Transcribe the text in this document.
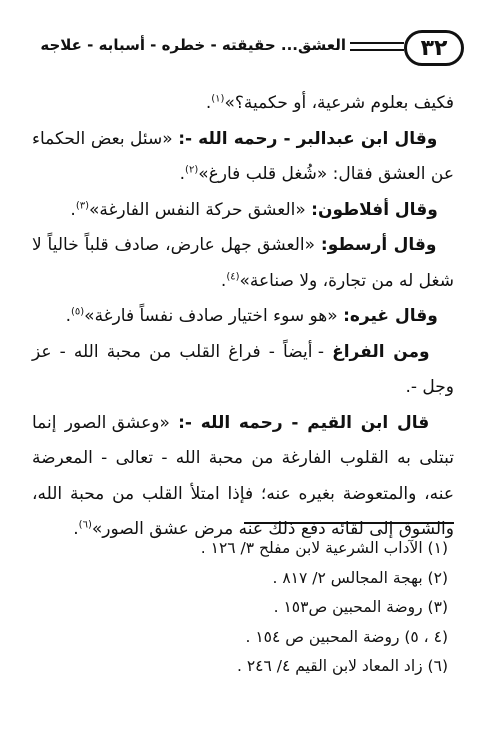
٣٢
العشق... حقيقته - خطره - أسبابه - علاجه

فكيف بعلوم شرعية، أو حكمية؟»$^{(١)}$.

وقال ابن عبدالبر - رحمه الله -: «سئل بعض الحكماء عن العشق فقال: «شُغل قلب فارغ»$^{(٢)}$.

وقال أفلاطون: «العشق حركة النفس الفارغة»$^{(٣)}$.

وقال أرسطو: «العشق جهل عارض، صادف قلباً خالياً لا شغل له من تجارة، ولا صناعة»$^{(٤)}$.

وقال غيره: «هو سوء اختيار صادف نفساً فارغة»$^{(٥)}$.

ومن الفراغ - أيضاً - فراغ القلب من محبة الله - عز وجل -.

قال ابن القيم - رحمه الله -: «وعشق الصور إنما تبتلى به القلوب الفارغة من محبة الله - تعالى - المعرضة عنه، والمتعوضة بغيره عنه؛ فإذا امتلأ القلب من محبة الله، والشوق إلى لقائه دفع ذلك عنه مرض عشق الصور»$^{(٦)}$.

(١) الآداب الشرعية لابن مفلح ٣/ ١٢٦ .
(٢) بهجة المجالس ٢/ ٨١٧ .
(٣) روضة المحبين ص١٥٣ .
(٤ ، ٥) روضة المحبين ص ١٥٤ .
(٦) زاد المعاد لابن القيم ٤/ ٢٤٦ .
